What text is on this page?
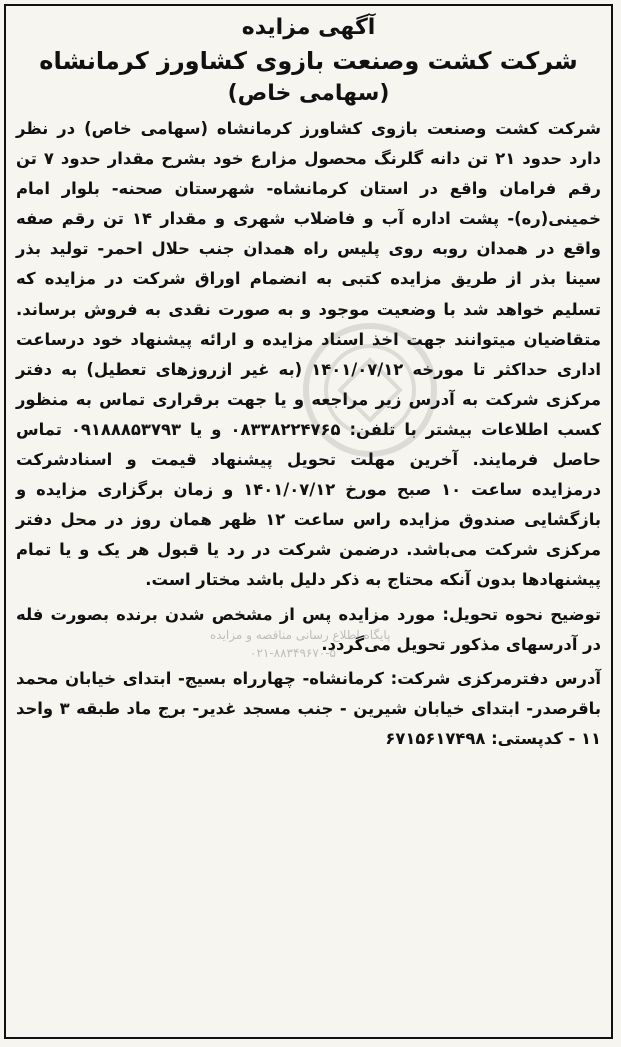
آگهی مزایده
شرکت کشت وصنعت بازوی کشاورز کرمانشاه
(سهامی خاص)

شرکت کشت وصنعت بازوی کشاورز کرمانشاه (سهامی خاص) در نظر دارد حدود ۲۱ تن دانه گلرنگ محصول مزارع خود بشرح مقدار حدود ۷ تن رقم فرامان واقع در استان کرمانشاه- شهرستان صحنه- بلوار امام خمینی(ره)- پشت اداره آب و فاضلاب شهری و مقدار ۱۴ تن رقم صفه واقع در همدان روبه روی پلیس راه همدان جنب حلال احمر- تولید بذر سینا بذر از طریق مزایده کتبی به انضمام اوراق شرکت در مزایده که تسلیم خواهد شد با وضعیت موجود و به صورت نقدی به فروش برساند. متقاضیان میتوانند جهت اخذ اسناد مزایده و ارائه پیشنهاد خود درساعت اداری حداکثر تا مورخه ۱۴۰۱/۰۷/۱۲ (به غیر ازروزهای تعطیل) به دفتر مرکزی شرکت به آدرس زیر مراجعه و یا جهت برقراری تماس به منظور کسب اطلاعات بیشتر با تلفن: ۰۸۳۳۸۲۲۴۷۶۵ و یا ۰۹۱۸۸۸۵۳۷۹۳ تماس حاصل فرمایند. آخرین مهلت تحویل پیشنهاد قیمت و اسنادشرکت درمزایده ساعت ۱۰ صبح مورخ ۱۴۰۱/۰۷/۱۲ و زمان برگزاری مزایده و بازگشایی صندوق مزایده راس ساعت ۱۲ ظهر همان روز در محل دفتر مرکزی شرکت می‌باشد. درضمن شرکت در رد یا قبول هر یک و یا تمام پیشنهادها بدون آنکه محتاج به ذکر دلیل باشد مختار است.

توضیح نحوه تحویل: مورد مزایده پس از مشخص شدن برنده بصورت فله در آدرسهای مذکور تحویل می‌گردد.

آدرس دفترمرکزی شرکت: کرمانشاه- چهارراه بسیج- ابتدای خیابان محمد باقرصدر- ابتدای خیابان شیرین - جنب مسجد غدیر- برج ماد طبقه ۳ واحد ۱۱ - کدپستی: ۶۷۱۵۶۱۷۴۹۸

پایگاه اطلاع رسانی مناقصه و مزایده
۰۲۱-۸۸۳۴۹۶۷۰-۵
